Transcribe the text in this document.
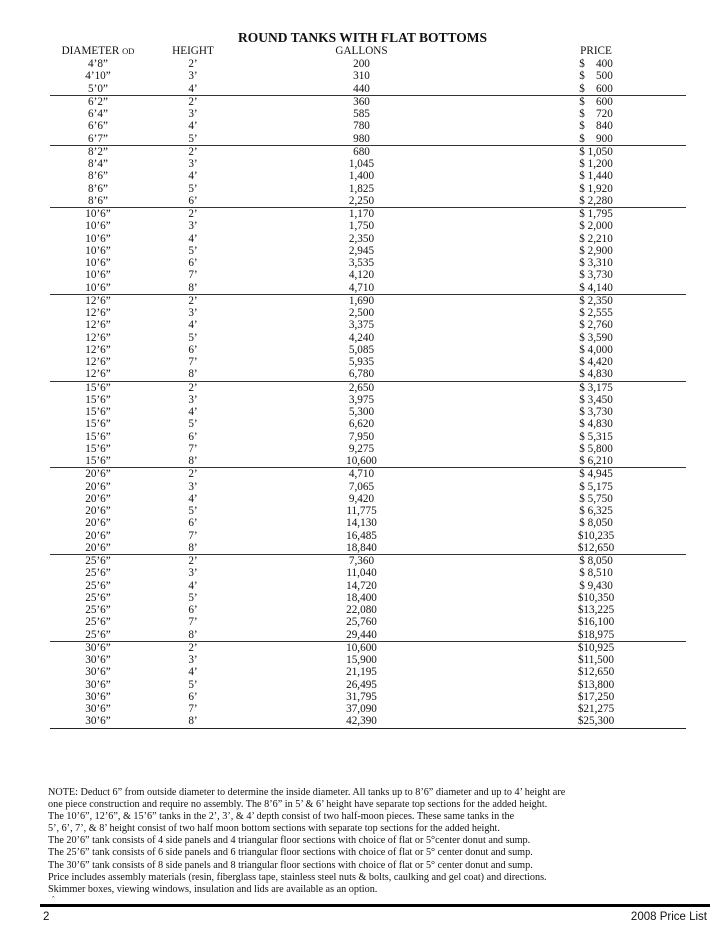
ROUND TANKS WITH FLAT BOTTOMS
DIAMETER OD	HEIGHT	GALLONS	PRICE
4’8”	2’	200	$    400
4’10”	3’	310	$    500
5’0”	4’	440	$    600
6’2”	2’	360	$    600
6’4”	3’	585	$    720
6’6”	4’	780	$    840
6’7”	5’	980	$    900
8’2”	2’	680	$ 1,050
8’4”	3’	1,045	$ 1,200
8’6”	4’	1,400	$ 1,440
8’6”	5’	1,825	$ 1,920
8’6”	6’	2,250	$ 2,280
10’6”	2’	1,170	$ 1,795
10’6”	3’	1,750	$ 2,000
10’6”	4’	2,350	$ 2,210
10’6”	5’	2,945	$ 2,900
10’6”	6’	3,535	$ 3,310
10’6”	7’	4,120	$ 3,730
10’6”	8’	4,710	$ 4,140
12’6”	2’	1,690	$ 2,350
12’6”	3’	2,500	$ 2,555
12’6”	4’	3,375	$ 2,760
12’6”	5’	4,240	$ 3,590
12’6”	6’	5,085	$ 4,000
12’6”	7’	5,935	$ 4,420
12’6”	8’	6,780	$ 4,830
15’6”	2’	2,650	$ 3,175
15’6”	3’	3,975	$ 3,450
15’6”	4’	5,300	$ 3,730
15’6”	5’	6,620	$ 4,830
15’6”	6’	7,950	$ 5,315
15’6”	7’	9,275	$ 5,800
15’6”	8’	10,600	$ 6,210
20’6”	2’	4,710	$ 4,945
20’6”	3’	7,065	$ 5,175
20’6”	4’	9,420	$ 5,750
20’6”	5’	11,775	$ 6,325
20’6”	6’	14,130	$ 8,050
20’6”	7’	16,485	$10,235
20’6”	8’	18,840	$12,650
25’6”	2’	7,360	$ 8,050
25’6”	3’	11,040	$ 8,510
25’6”	4’	14,720	$ 9,430
25’6”	5’	18,400	$10,350
25’6”	6’	22,080	$13,225
25’6”	7’	25,760	$16,100
25’6”	8’	29,440	$18,975
30’6”	2’	10,600	$10,925
30’6”	3’	15,900	$11,500
30’6”	4’	21,195	$12,650
30’6”	5’	26,495	$13,800
30’6”	6’	31,795	$17,250
30’6”	7’	37,090	$21,275
30’6”	8’	42,390	$25,300
NOTE: Deduct 6” from outside diameter to determine the inside diameter. All tanks up to 8’6” diameter and up to 4’ height are
one piece construction and require no assembly. The 8’6” in 5’ & 6’ height have separate top sections for the added height.
The 10’6”, 12’6”, & 15’6” tanks in the 2’, 3’, & 4’ depth consist of two half-moon pieces. These same tanks in the
5’, 6’, 7’, & 8’ height consist of two half moon bottom sections with separate top sections for the added height.
The 20’6” tank consists of 4 side panels and 4 triangular floor sections with choice of flat or 5°center donut and sump.
The 25’6” tank consists of 6 side panels and 6 triangular floor sections with choice of flat or 5° center donut and sump.
The 30’6” tank consists of 8 side panels and 8 triangular floor sections with choice of flat or 5° center donut and sump.
Price includes assembly materials (resin, fiberglass tape, stainless steel nuts & bolts, caulking and gel coat) and directions.
Skimmer boxes, viewing windows, insulation and lids are available as an option.
ˆ
2	2008 Price List
